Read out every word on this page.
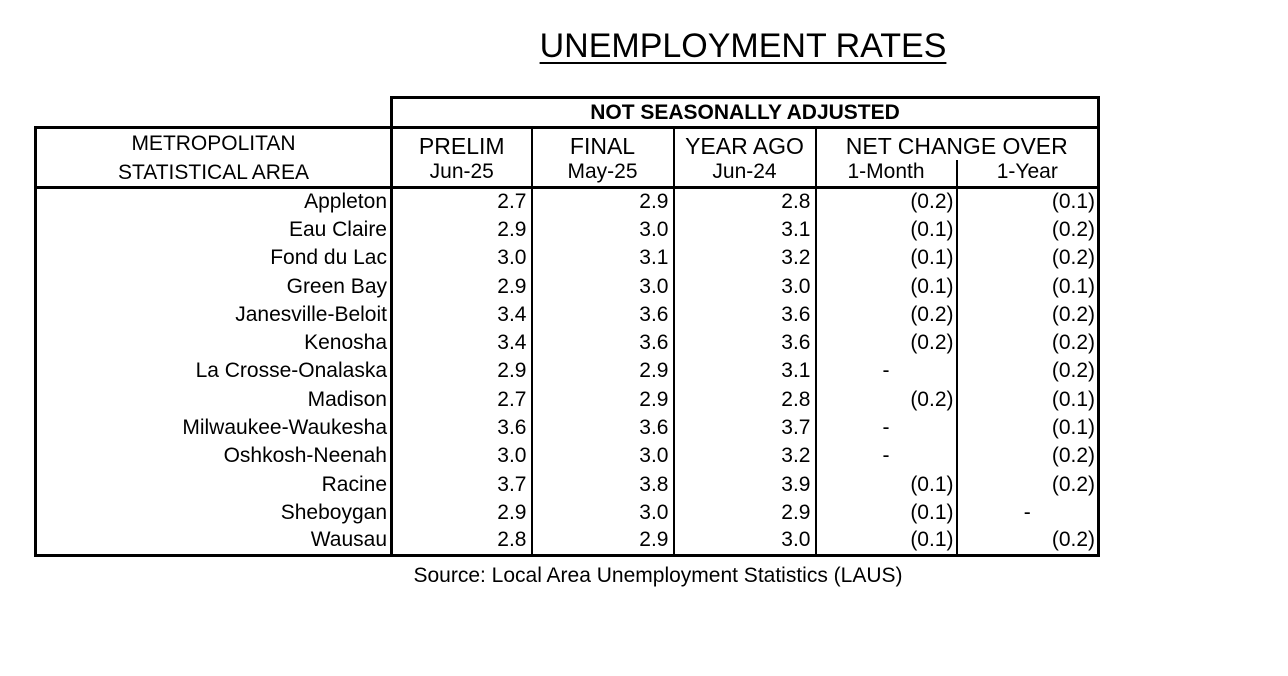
UNEMPLOYMENT RATES
	NOT SEASONALLY ADJUSTED				
METROPOLITAN	PRELIM	FINAL	YEAR AGO	NET CHANGE OVER	
STATISTICAL AREA	Jun-25	May-25	Jun-24	1-Month	1-Year
Appleton	2.7	2.9	2.8	(0.2)	(0.1)
Eau Claire	2.9	3.0	3.1	(0.1)	(0.2)
Fond du Lac	3.0	3.1	3.2	(0.1)	(0.2)
Green Bay	2.9	3.0	3.0	(0.1)	(0.1)
Janesville-Beloit	3.4	3.6	3.6	(0.2)	(0.2)
Kenosha	3.4	3.6	3.6	(0.2)	(0.2)
La Crosse-Onalaska	2.9	2.9	3.1	-	(0.2)
Madison	2.7	2.9	2.8	(0.2)	(0.1)
Milwaukee-Waukesha	3.6	3.6	3.7	-	(0.1)
Oshkosh-Neenah	3.0	3.0	3.2	-	(0.2)
Racine	3.7	3.8	3.9	(0.1)	(0.2)
Sheboygan	2.9	3.0	2.9	(0.1)	-
Wausau	2.8	2.9	3.0	(0.1)	(0.2)
Source: Local Area Unemployment Statistics (LAUS)
